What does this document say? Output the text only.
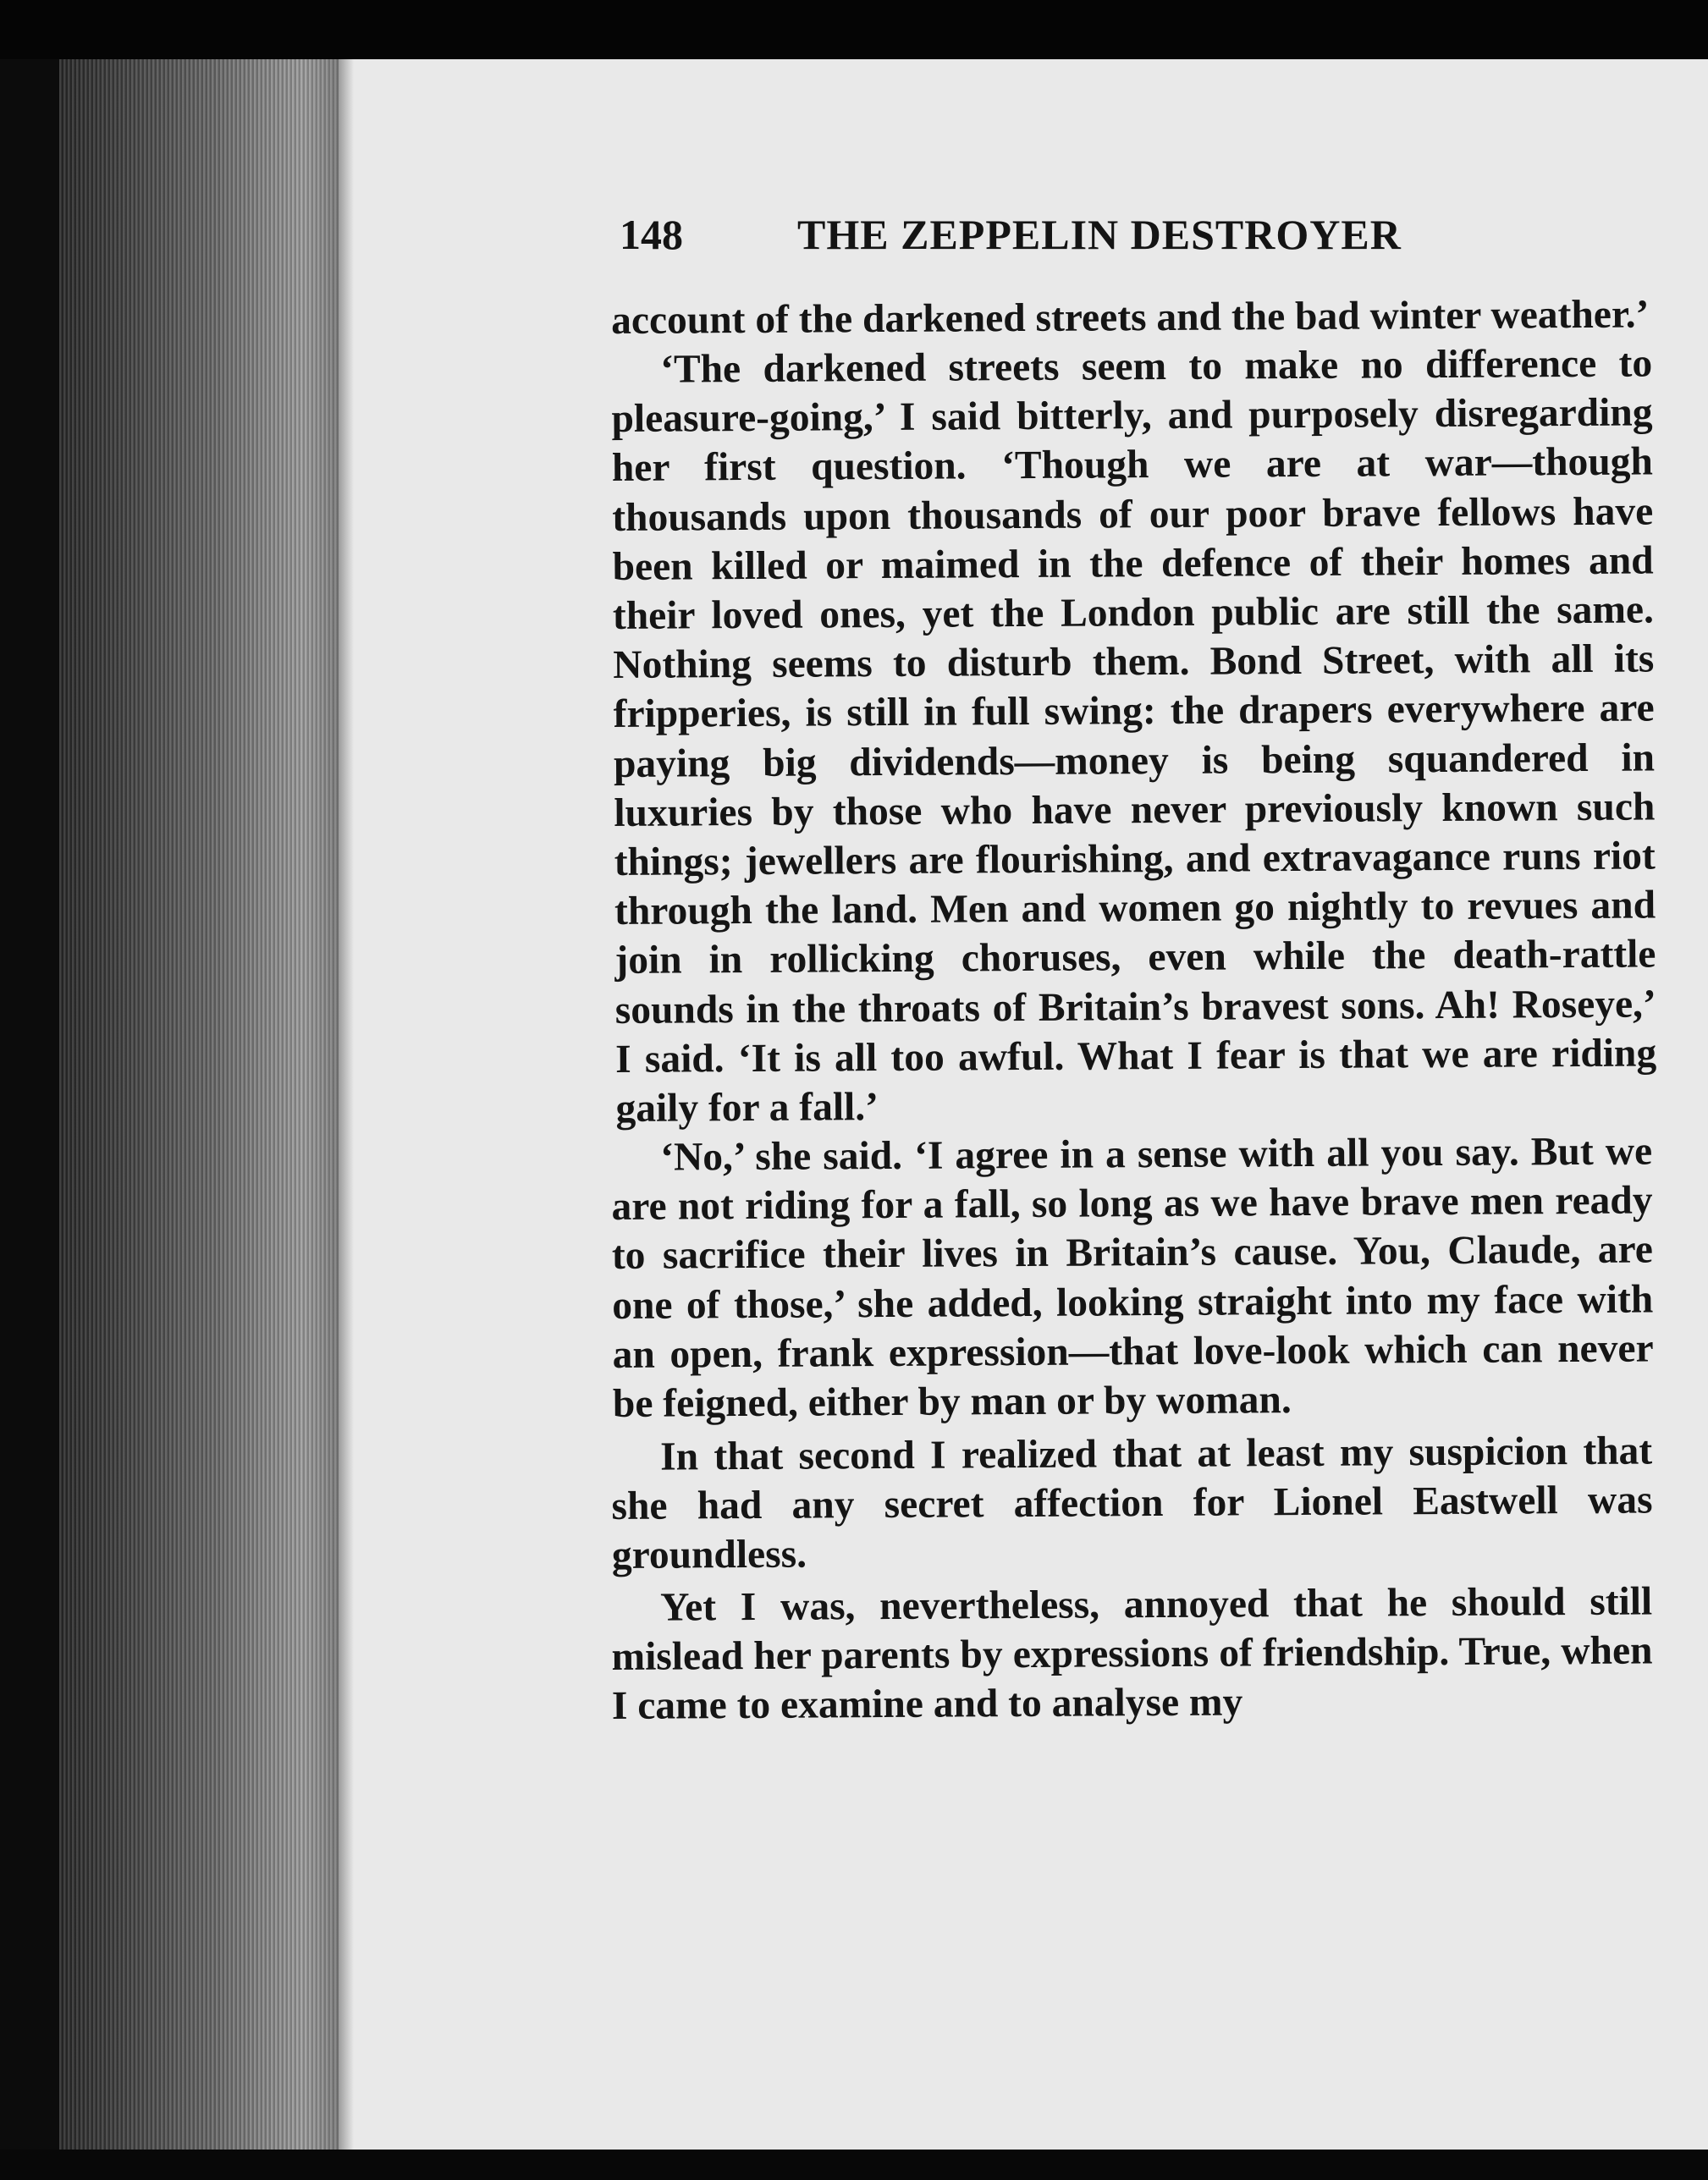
148	THE ZEPPELIN DESTROYER

account of the darkened streets and the bad winter weather.’

‘The darkened streets seem to make no difference to pleasure-going,’ I said bitterly, and purposely disregarding her first question. ‘Though we are at war—though thousands upon thousands of our poor brave fellows have been killed or maimed in the defence of their homes and their loved ones, yet the London public are still the same. Nothing seems to disturb them. Bond Street, with all its fripperies, is still in full swing: the drapers everywhere are paying big dividends—money is being squandered in luxuries by those who have never previously known such things; jewellers are flourishing, and extravagance runs riot through the land. Men and women go nightly to revues and join in rollicking choruses, even while the death-rattle sounds in the throats of Britain’s bravest sons. Ah! Roseye,’ I said. ‘It is all too awful. What I fear is that we are riding gaily for a fall.’

‘No,’ she said. ‘I agree in a sense with all you say. But we are not riding for a fall, so long as we have brave men ready to sacrifice their lives in Britain’s cause. You, Claude, are one of those,’ she added, looking straight into my face with an open, frank expression—that love-look which can never be feigned, either by man or by woman.

In that second I realized that at least my suspicion that she had any secret affection for Lionel Eastwell was groundless.

Yet I was, nevertheless, annoyed that he should still mislead her parents by expressions of friendship. True, when I came to examine and to analyse my
